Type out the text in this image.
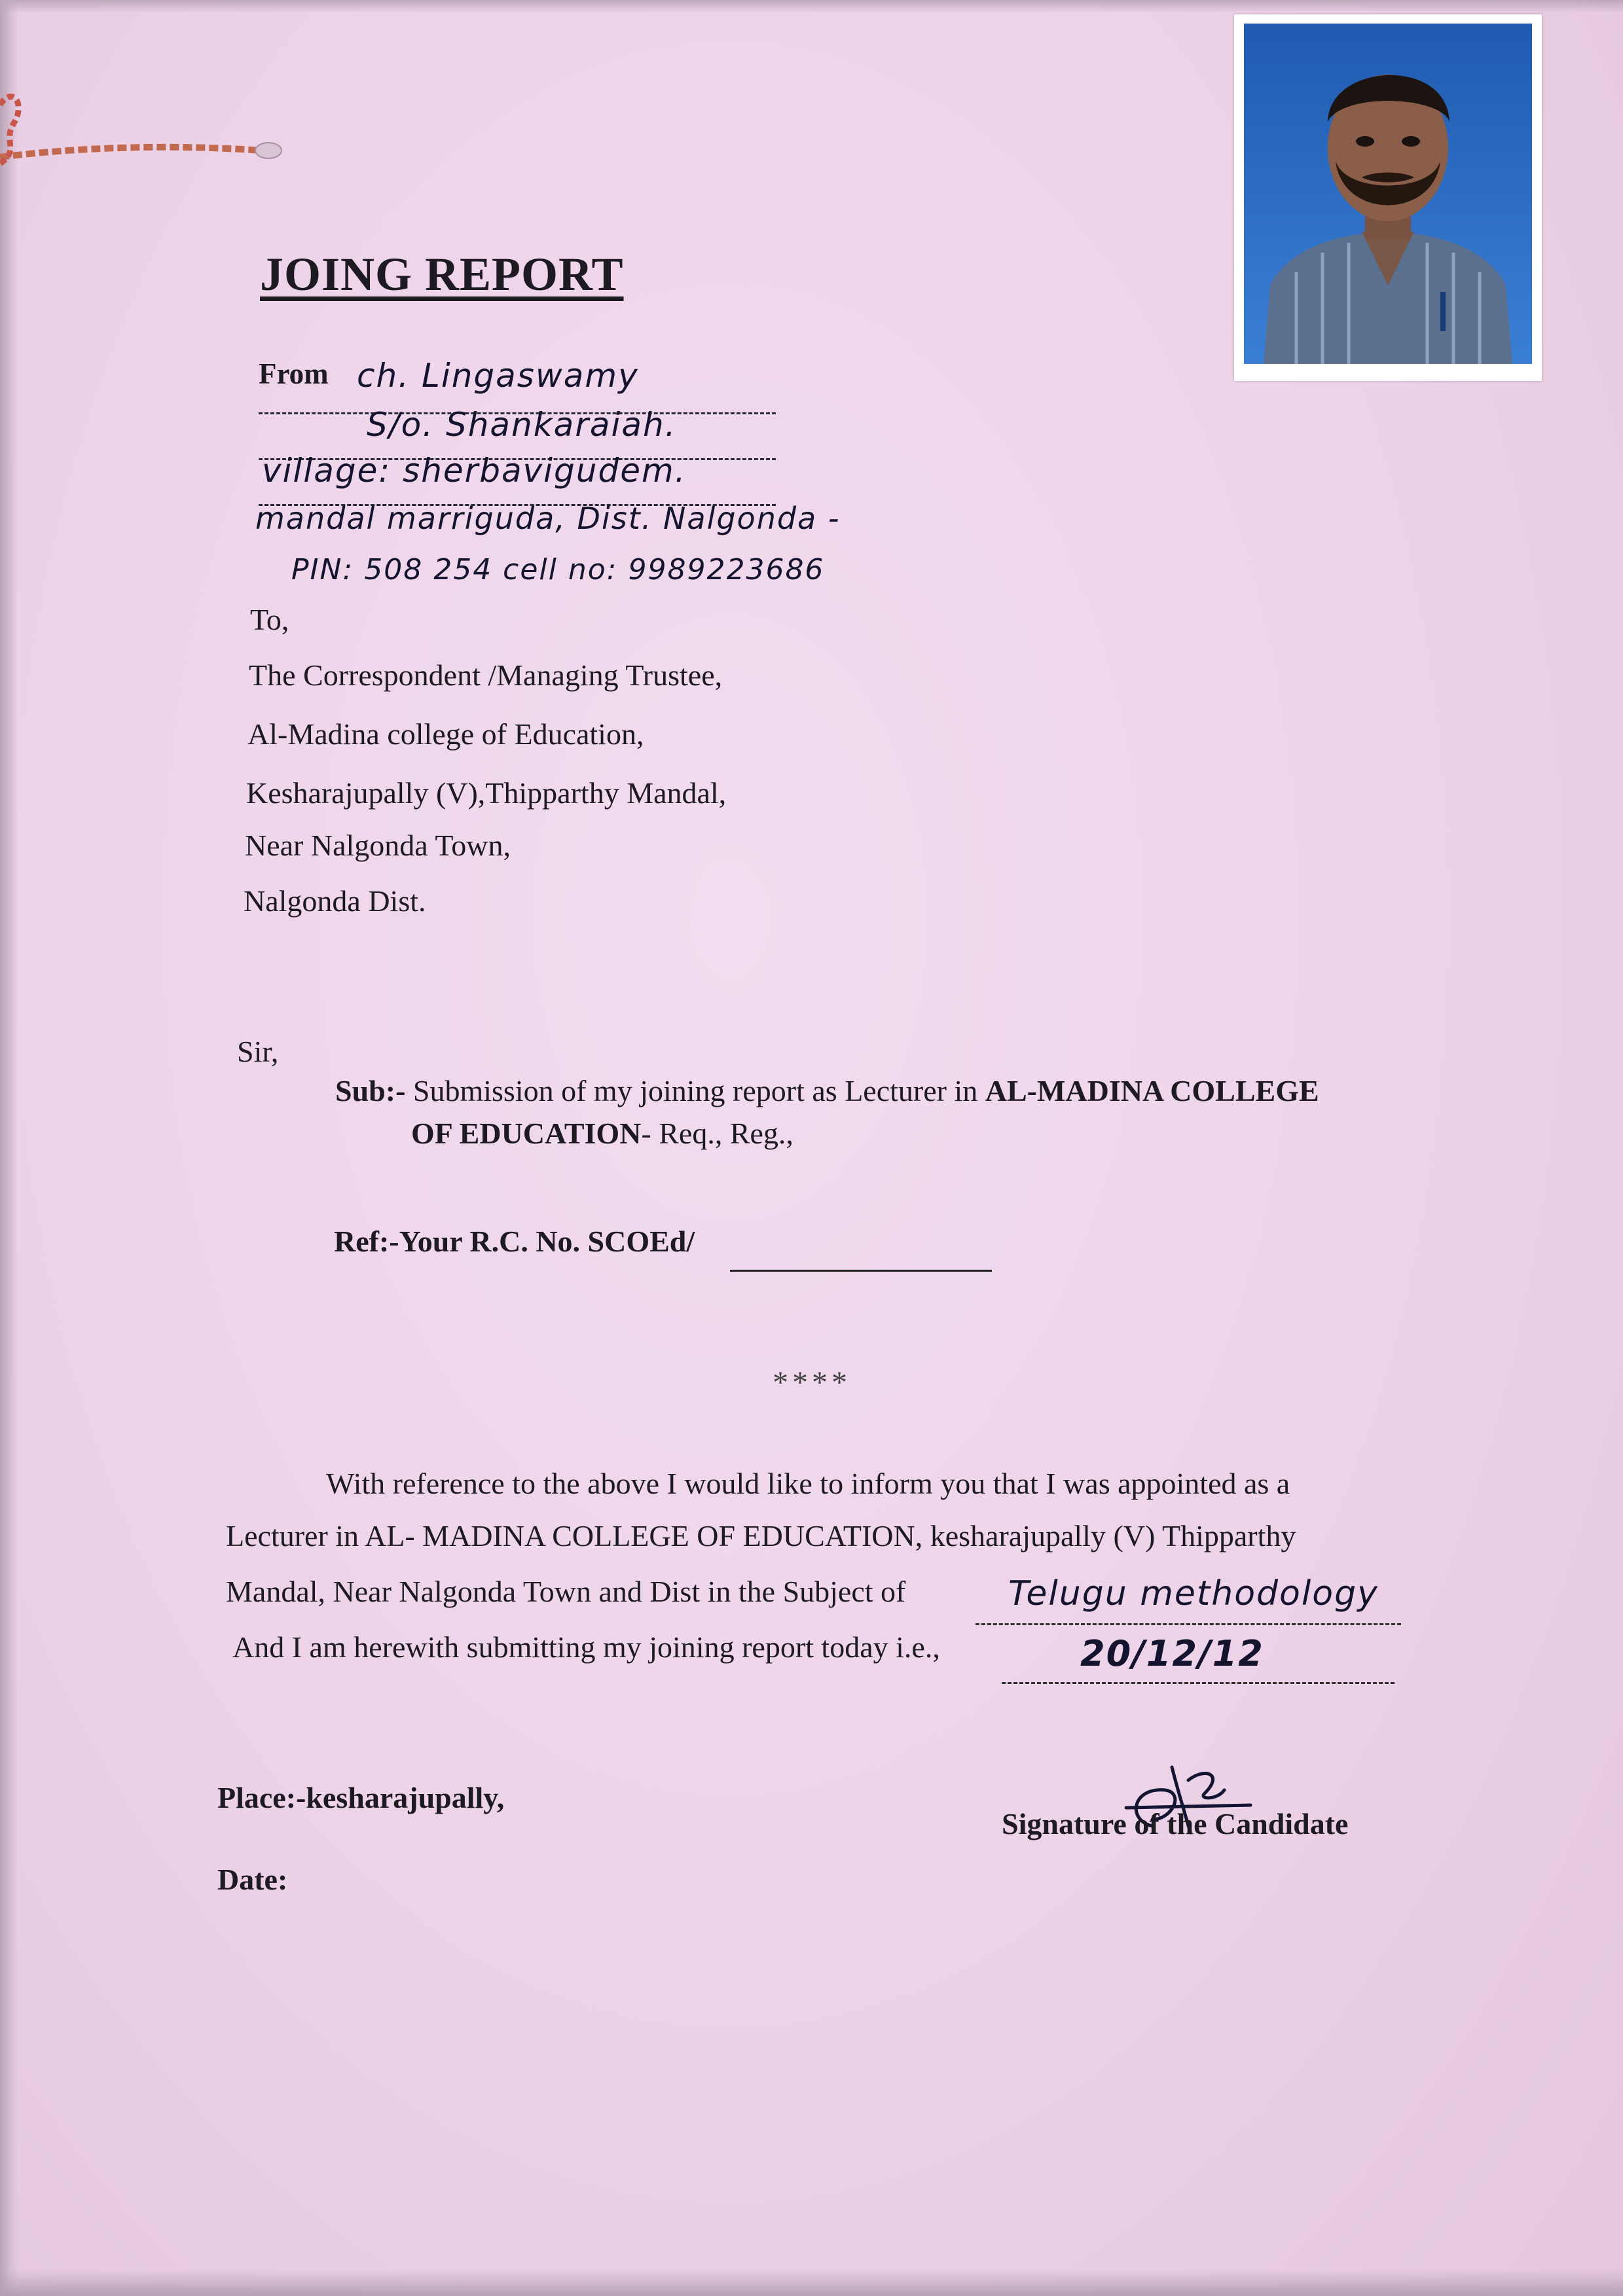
JOING REPORT
From ch. Lingaswamy
S/o. Shankaraiah.
village: sherbavigudem.
mandal marriguda, Dist. Nalgonda -
PIN: 508 254 cell no: 9989223686
To,
The Correspondent /Managing Trustee,
Al-Madina college of Education,
Kesharajupally (V),Thipparthy Mandal,
Near Nalgonda Town,
Nalgonda Dist.
Sir,
Sub:- Submission of my joining report as Lecturer in AL-MADINA COLLEGE
OF EDUCATION- Req., Reg.,
Ref:-Your R.C. No. SCOEd/
****
With reference to the above I would like to inform you that I was appointed as a
Lecturer in AL- MADINA COLLEGE OF EDUCATION, kesharajupally (V) Thipparthy
Mandal, Near Nalgonda Town and Dist in the Subject of	Telugu methodology
And I am herewith submitting my joining report today i.e.,	20/12/12
Place:-kesharajupally,
Date:
Signature of the Candidate
